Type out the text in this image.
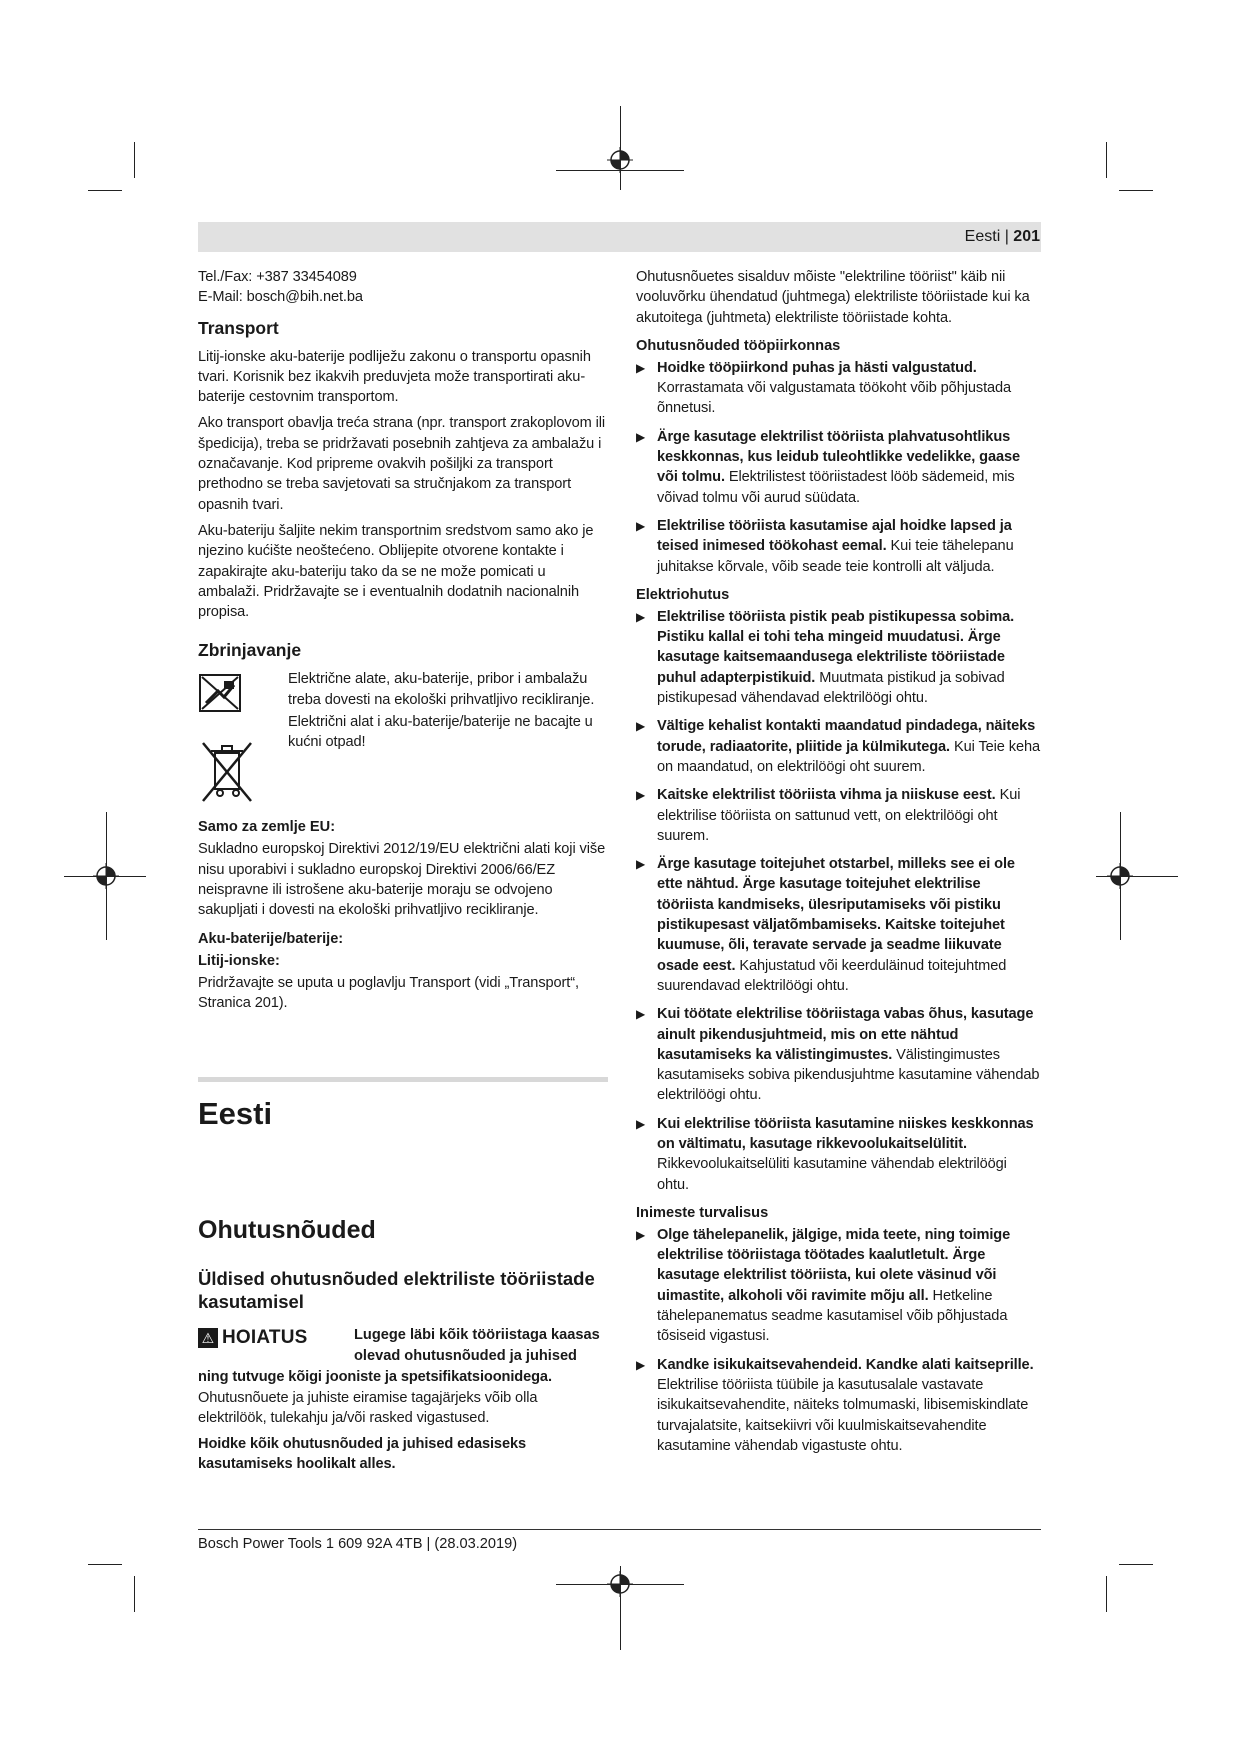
Eesti | 201

Tel./Fax: +387 33454089
E-Mail: bosch@bih.net.ba

Transport

Litij-ionske aku-baterije podliježu zakonu o transportu opasnih tvari. Korisnik bez ikakvih preduvjeta može transportirati aku-baterije cestovnim transportom.

Ako transport obavlja treća strana (npr. transport zrakoplovom ili špedicija), treba se pridržavati posebnih zahtjeva za ambalažu i označavanje. Kod pripreme ovakvih pošiljki za transport prethodno se treba savjetovati sa stručnjakom za transport opasnih tvari.

Aku-bateriju šaljite nekim transportnim sredstvom samo ako je njezino kućište neoštećeno. Oblijepite otvorene kontakte i zapakirajte aku-bateriju tako da se ne može pomicati u ambalaži. Pridržavajte se i eventualnih dodatnih nacionalnih propisa.

Zbrinjavanje

Električne alate, aku-baterije, pribor i ambalažu treba dovesti na ekološki prihvatljivo recikliranje.

Električni alat i aku-baterije/baterije ne bacajte u kućni otpad!

Samo za zemlje EU:

Sukladno europskoj Direktivi 2012/19/EU električni alati koji više nisu uporabivi i sukladno europskoj Direktivi 2006/66/EZ neispravne ili istrošene aku-baterije moraju se odvojeno sakupljati i dovesti na ekološki prihvatljivo recikliranje.

Aku-baterije/baterije:
Litij-ionske:

Pridržavajte se uputa u poglavlju Transport (vidi „Transport“, Stranica 201).

Eesti
Ohutusnõuded
Üldised ohutusnõuded elektriliste tööriistade kasutamisel
⚠ HOIATUS	Lugege läbi kõik tööriistaga kaasas olevad ohutusnõuded ja juhised

ning tutvuge kõigi jooniste ja spetsifikatsioonidega.

Ohutusnõuete ja juhiste eiramise tagajärjeks võib olla elektrilöök, tulekahju ja/või rasked vigastused.

Hoidke kõik ohutusnõuded ja juhised edasiseks kasutamiseks hoolikalt alles.

Ohutusnõuetes sisalduv mõiste "elektriline tööriist" käib nii vooluvõrku ühendatud (juhtmega) elektriliste tööriistade kui ka akutoitega (juhtmeta) elektriliste tööriistade kohta.

Ohutusnõuded tööpiirkonnas
▶ Hoidke tööpiirkond puhas ja hästi valgustatud. Korrastamata või valgustamata töökoht võib põhjustada õnnetusi.
▶ Ärge kasutage elektrilist tööriista plahvatusohtlikus keskkonnas, kus leidub tuleohtlikke vedelikke, gaase või tolmu. Elektrilistest tööriistadest lööb sädemeid, mis võivad tolmu või aurud süüdata.
▶ Elektrilise tööriista kasutamise ajal hoidke lapsed ja teised inimesed töökohast eemal. Kui teie tähelepanu juhitakse kõrvale, võib seade teie kontrolli alt väljuda.
Elektriohutus
▶ Elektrilise tööriista pistik peab pistikupessa sobima. Pistiku kallal ei tohi teha mingeid muudatusi. Ärge kasutage kaitsemaandusega elektriliste tööriistade puhul adapterpistikuid. Muutmata pistikud ja sobivad pistikupesad vähendavad elektrilöögi ohtu.
▶ Vältige kehalist kontakti maandatud pindadega, näiteks torude, radiaatorite, pliitide ja külmikutega. Kui Teie keha on maandatud, on elektrilöögi oht suurem.
▶ Kaitske elektrilist tööriista vihma ja niiskuse eest. Kui elektrilise tööriista on sattunud vett, on elektrilöögi oht suurem.
▶ Ärge kasutage toitejuhet otstarbel, milleks see ei ole ette nähtud. Ärge kasutage toitejuhet elektrilise tööriista kandmiseks, ülesriputamiseks või pistiku pistikupesast väljatõmbamiseks. Kaitske toitejuhet kuumuse, õli, teravate servade ja seadme liikuvate osade eest. Kahjustatud või keerduläinud toitejuhtmed suurendavad elektrilöögi ohtu.
▶ Kui töötate elektrilise tööriistaga vabas õhus, kasutage ainult pikendusjuhtmeid, mis on ette nähtud kasutamiseks ka välistingimustes. Välistingimustes kasutamiseks sobiva pikendusjuhtme kasutamine vähendab elektrilöögi ohtu.
▶ Kui elektrilise tööriista kasutamine niiskes keskkonnas on vältimatu, kasutage rikkevoolukaitselülitit. Rikkevoolukaitselüliti kasutamine vähendab elektrilöögi ohtu.
Inimeste turvalisus
▶ Olge tähelepanelik, jälgige, mida teete, ning toimige elektrilise tööriistaga töötades kaalutletult. Ärge kasutage elektrilist tööriista, kui olete väsinud või uimastite, alkoholi või ravimite mõju all. Hetkeline tähelepanematus seadme kasutamisel võib põhjustada tõsiseid vigastusi.
▶ Kandke isikukaitsevahendeid. Kandke alati kaitseprille. Elektrilise tööriista tüübile ja kasutusalale vastavate isikukaitsevahendite, näiteks tolmumaski, libisemiskindlate turvajalatsite, kaitsekiivri või kuulmiskaitsevahendite kasutamine vähendab vigastuste ohtu.
Bosch Power Tools 1 609 92A 4TB | (28.03.2019)
